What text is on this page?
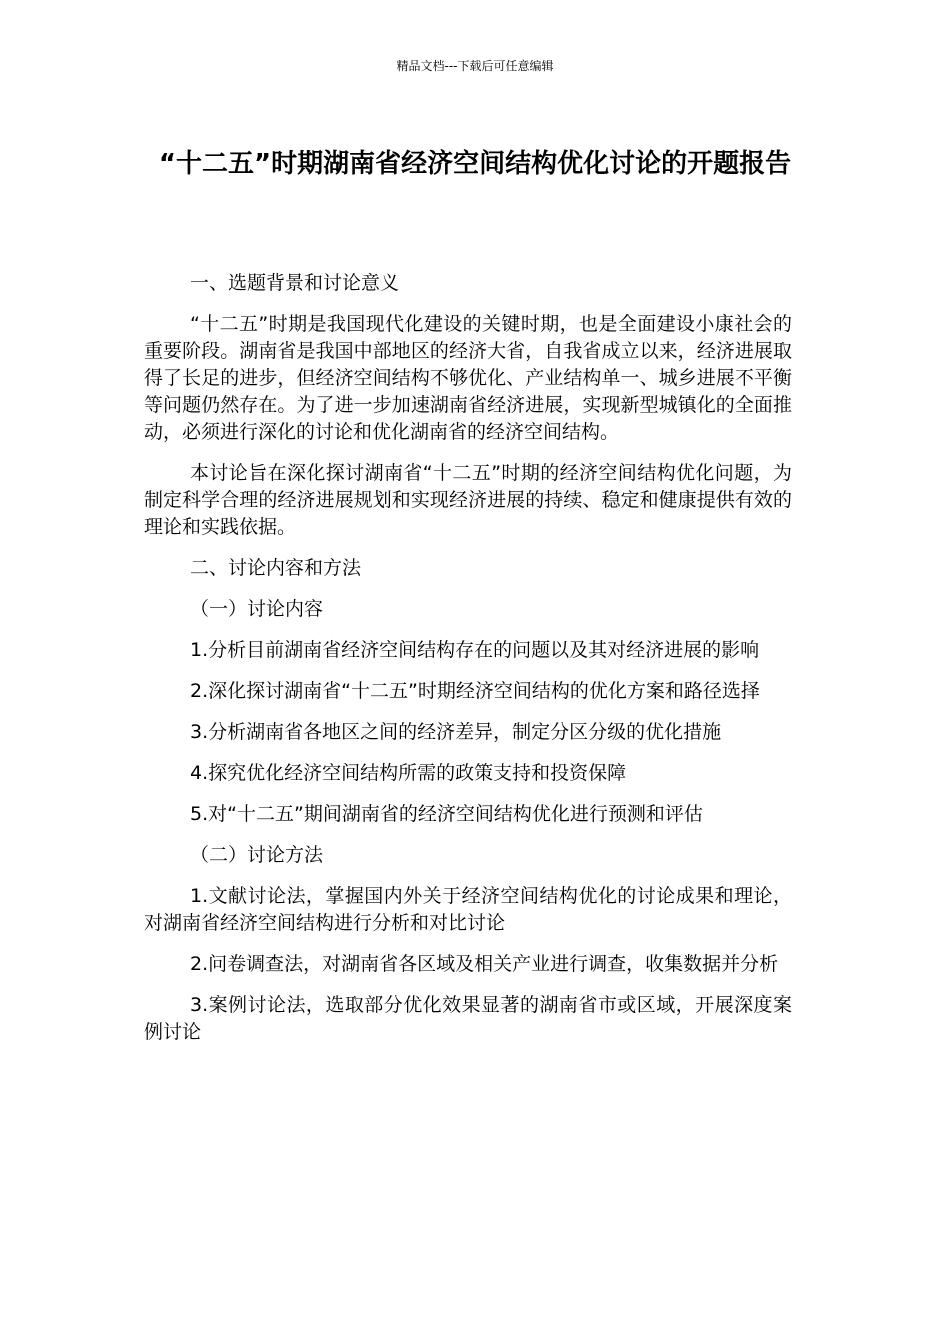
精品文档---下载后可任意编辑
“十二五”时期湖南省经济空间结构优化讨论的开题报告

一、选题背景和讨论意义

“十二五”时期是我国现代化建设的关键时期，也是全面建设小康社会的重要阶段。湖南省是我国中部地区的经济大省，自我省成立以来，经济进展取得了长足的进步，但经济空间结构不够优化、产业结构单一、城乡进展不平衡等问题仍然存在。为了进一步加速湖南省经济进展，实现新型城镇化的全面推动，必须进行深化的讨论和优化湖南省的经济空间结构。

本讨论旨在深化探讨湖南省“十二五”时期的经济空间结构优化问题，为制定科学合理的经济进展规划和实现经济进展的持续、稳定和健康提供有效的理论和实践依据。

二、讨论内容和方法

（一）讨论内容

1.分析目前湖南省经济空间结构存在的问题以及其对经济进展的影响

2.深化探讨湖南省“十二五”时期经济空间结构的优化方案和路径选择

3.分析湖南省各地区之间的经济差异，制定分区分级的优化措施

4.探究优化经济空间结构所需的政策支持和投资保障

5.对“十二五”期间湖南省的经济空间结构优化进行预测和评估

（二）讨论方法

1.文献讨论法，掌握国内外关于经济空间结构优化的讨论成果和理论，对湖南省经济空间结构进行分析和对比讨论

2.问卷调查法，对湖南省各区域及相关产业进行调查，收集数据并分析

3.案例讨论法，选取部分优化效果显著的湖南省市或区域，开展深度案例讨论
